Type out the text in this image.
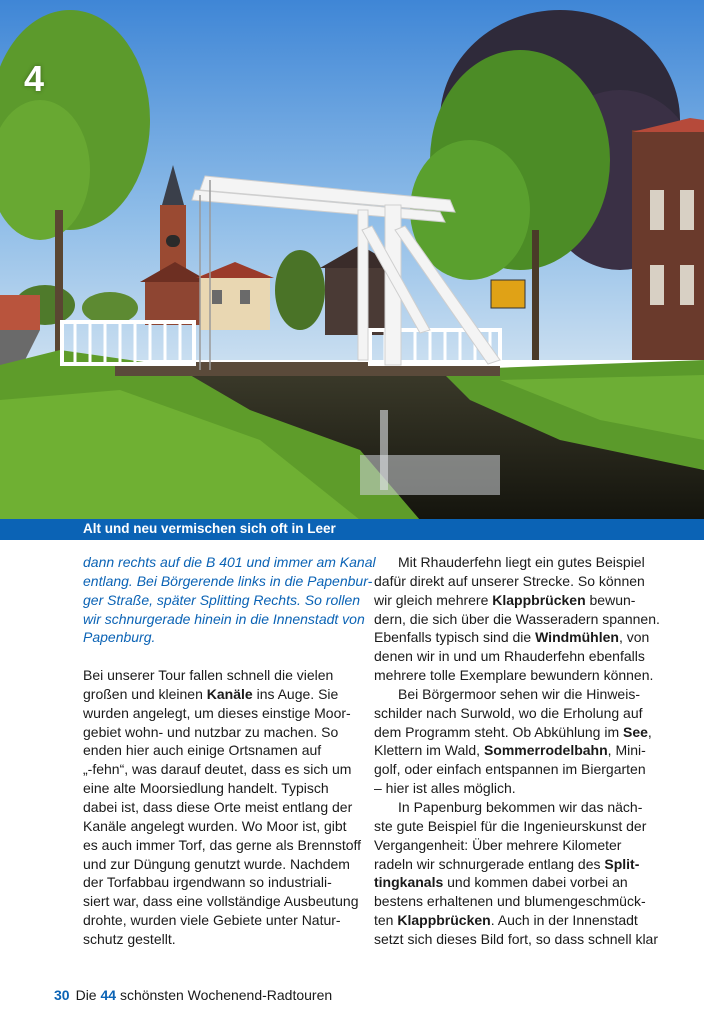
4
Alt und neu vermischen sich oft in Leer

dann rechts auf die B 401 und immer am Kanal
entlang. Bei Börgerende links in die Papenbur-
ger Straße, später Splitting Rechts. So rollen
wir schnurgerade hinein in die Innenstadt von
Papenburg.

Bei unserer Tour fallen schnell die vielen
großen und kleinen Kanäle ins Auge. Sie
wurden angelegt, um dieses einstige Moor-
gebiet wohn- und nutzbar zu machen. So
enden hier auch einige Ortsnamen auf
„-fehn“, was darauf deutet, dass es sich um
eine alte Moorsiedlung handelt. Typisch
dabei ist, dass diese Orte meist entlang der
Kanäle angelegt wurden. Wo Moor ist, gibt
es auch immer Torf, das gerne als Brennstoff
und zur Düngung genutzt wurde. Nachdem
der Torfabbau irgendwann so industriali-
siert war, dass eine vollständige Ausbeutung
drohte, wurden viele Gebiete unter Natur-
schutz gestellt.

Mit Rhauderfehn liegt ein gutes Beispiel
dafür direkt auf unserer Strecke. So können
wir gleich mehrere Klappbrücken bewun-
dern, die sich über die Wasseradern spannen.
Ebenfalls typisch sind die Windmühlen, von
denen wir in und um Rhauderfehn ebenfalls
mehrere tolle Exemplare bewundern können.

Bei Börgermoor sehen wir die Hinweis-
schilder nach Surwold, wo die Erholung auf
dem Programm steht. Ob Abkühlung im See,
Klettern im Wald, Sommerrodelbahn, Mini-
golf, oder einfach entspannen im Biergarten
– hier ist alles möglich.

In Papenburg bekommen wir das näch-
ste gute Beispiel für die Ingenieurskunst der
Vergangenheit: Über mehrere Kilometer
radeln wir schnurgerade entlang des Split-
tingkanals und kommen dabei vorbei an
bestens erhaltenen und blumengeschmück-
ten Klappbrücken. Auch in der Innenstadt
setzt sich dieses Bild fort, so dass schnell klar

30 Die 44 schönsten Wochenend-Radtouren
